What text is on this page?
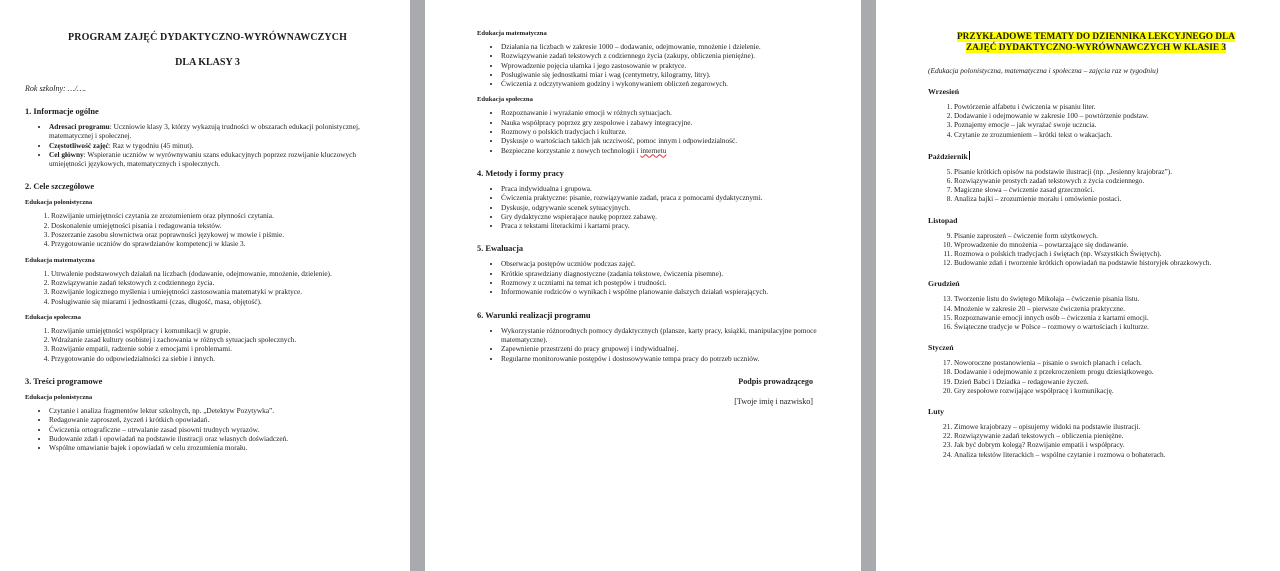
PROGRAM ZAJĘĆ DYDAKTYCZNO-WYRÓWNAWCZYCH
DLA KLASY 3
Rok szkolny: …/….
1. Informacje ogólne
• Adresaci programu: Uczniowie klasy 3, którzy wykazują trudności w obszarach edukacji polonistycznej, matematycznej i społecznej.
• Częstotliwość zajęć: Raz w tygodniu (45 minut).
• Cel główny: Wspieranie uczniów w wyrównywaniu szans edukacyjnych poprzez rozwijanie kluczowych umiejętności językowych, matematycznych i społecznych.
2. Cele szczegółowe
Edukacja polonistyczna
1. Rozwijanie umiejętności czytania ze zrozumieniem oraz płynności czytania.
2. Doskonalenie umiejętności pisania i redagowania tekstów.
3. Poszerzanie zasobu słownictwa oraz poprawności językowej w mowie i piśmie.
4. Przygotowanie uczniów do sprawdzianów kompetencji w klasie 3.
Edukacja matematyczna
1. Utrwalenie podstawowych działań na liczbach (dodawanie, odejmowanie, mnożenie, dzielenie).
2. Rozwiązywanie zadań tekstowych z codziennego życia.
3. Rozwijanie logicznego myślenia i umiejętności zastosowania matematyki w praktyce.
4. Posługiwanie się miarami i jednostkami (czas, długość, masa, objętość).
Edukacja społeczna
1. Rozwijanie umiejętności współpracy i komunikacji w grupie.
2. Wdrażanie zasad kultury osobistej i zachowania w różnych sytuacjach społecznych.
3. Rozwijanie empatii, radzenie sobie z emocjami i problemami.
4. Przygotowanie do odpowiedzialności za siebie i innych.
3. Treści programowe
Edukacja polonistyczna
• Czytanie i analiza fragmentów lektur szkolnych, np. „Detektyw Pozytywka”.
• Redagowanie zaproszeń, życzeń i krótkich opowiadań.
• Ćwiczenia ortograficzne – utrwalanie zasad pisowni trudnych wyrazów.
• Budowanie zdań i opowiadań na podstawie ilustracji oraz własnych doświadczeń.
• Wspólne omawianie bajek i opowiadań w celu zrozumienia morału.
Edukacja matematyczna
• Działania na liczbach w zakresie 1000 – dodawanie, odejmowanie, mnożenie i dzielenie.
• Rozwiązywanie zadań tekstowych z codziennego życia (zakupy, obliczenia pieniężne).
• Wprowadzenie pojęcia ułamka i jego zastosowanie w praktyce.
• Posługiwanie się jednostkami miar i wag (centymetry, kilogramy, litry).
• Ćwiczenia z odczytywaniem godziny i wykonywaniem obliczeń zegarowych.
Edukacja społeczna
• Rozpoznawanie i wyrażanie emocji w różnych sytuacjach.
• Nauka współpracy poprzez gry zespołowe i zabawy integracyjne.
• Rozmowy o polskich tradycjach i kulturze.
• Dyskusje o wartościach takich jak uczciwość, pomoc innym i odpowiedzialność.
• Bezpieczne korzystanie z nowych technologii i internetu
4. Metody i formy pracy
• Praca indywidualna i grupowa.
• Ćwiczenia praktyczne: pisanie, rozwiązywanie zadań, praca z pomocami dydaktycznymi.
• Dyskusje, odgrywanie scenek sytuacyjnych.
• Gry dydaktyczne wspierające naukę poprzez zabawę.
• Praca z tekstami literackimi i kartami pracy.
5. Ewaluacja
• Obserwacja postępów uczniów podczas zajęć.
• Krótkie sprawdziany diagnostyczne (zadania tekstowe, ćwiczenia pisemne).
• Rozmowy z uczniami na temat ich postępów i trudności.
• Informowanie rodziców o wynikach i wspólne planowanie dalszych działań wspierających.
6. Warunki realizacji programu
• Wykorzystanie różnorodnych pomocy dydaktycznych (plansze, karty pracy, książki, manipulacyjne pomoce matematyczne).
• Zapewnienie przestrzeni do pracy grupowej i indywidualnej.
• Regularne monitorowanie postępów i dostosowywanie tempa pracy do potrzeb uczniów.
Podpis prowadzącego
[Twoje imię i nazwisko]
PRZYKŁADOWE TEMATY DO DZIENNIKA LEKCYJNEGO DLA
ZAJĘĆ DYDAKTYCZNO-WYRÓWNAWCZYCH W KLASIE 3
(Edukacja polonistyczna, matematyczna i społeczna – zajęcia raz w tygodniu)
Wrzesień
1. Powtórzenie alfabetu i ćwiczenia w pisaniu liter.
2. Dodawanie i odejmowanie w zakresie 100 – powtórzenie podstaw.
3. Poznajemy emocje – jak wyrażać swoje uczucia.
4. Czytanie ze zrozumieniem – krótki tekst o wakacjach.
Październik
5. Pisanie krótkich opisów na podstawie ilustracji (np. „Jesienny krajobraz”).
6. Rozwiązywanie prostych zadań tekstowych z życia codziennego.
7. Magiczne słowa – ćwiczenie zasad grzeczności.
8. Analiza bajki – zrozumienie morału i omówienie postaci.
Listopad
9. Pisanie zaproszeń – ćwiczenie form użytkowych.
10. Wprowadzenie do mnożenia – powtarzające się dodawanie.
11. Rozmowa o polskich tradycjach i świętach (np. Wszystkich Świętych).
12. Budowanie zdań i tworzenie krótkich opowiadań na podstawie historyjek obrazkowych.
Grudzień
13. Tworzenie listu do świętego Mikołaja – ćwiczenie pisania listu.
14. Mnożenie w zakresie 20 – pierwsze ćwiczenia praktyczne.
15. Rozpoznawanie emocji innych osób – ćwiczenia z kartami emocji.
16. Świąteczne tradycje w Polsce – rozmowy o wartościach i kulturze.
Styczeń
17. Noworoczne postanowienia – pisanie o swoich planach i celach.
18. Dodawanie i odejmowanie z przekroczeniem progu dziesiątkowego.
19. Dzień Babci i Dziadka – redagowanie życzeń.
20. Gry zespołowe rozwijające współpracę i komunikację.
Luty
21. Zimowe krajobrazy – opisujemy widoki na podstawie ilustracji.
22. Rozwiązywanie zadań tekstowych – obliczenia pieniężne.
23. Jak być dobrym kolegą? Rozwijanie empatii i współpracy.
24. Analiza tekstów literackich – wspólne czytanie i rozmowa o bohaterach.
